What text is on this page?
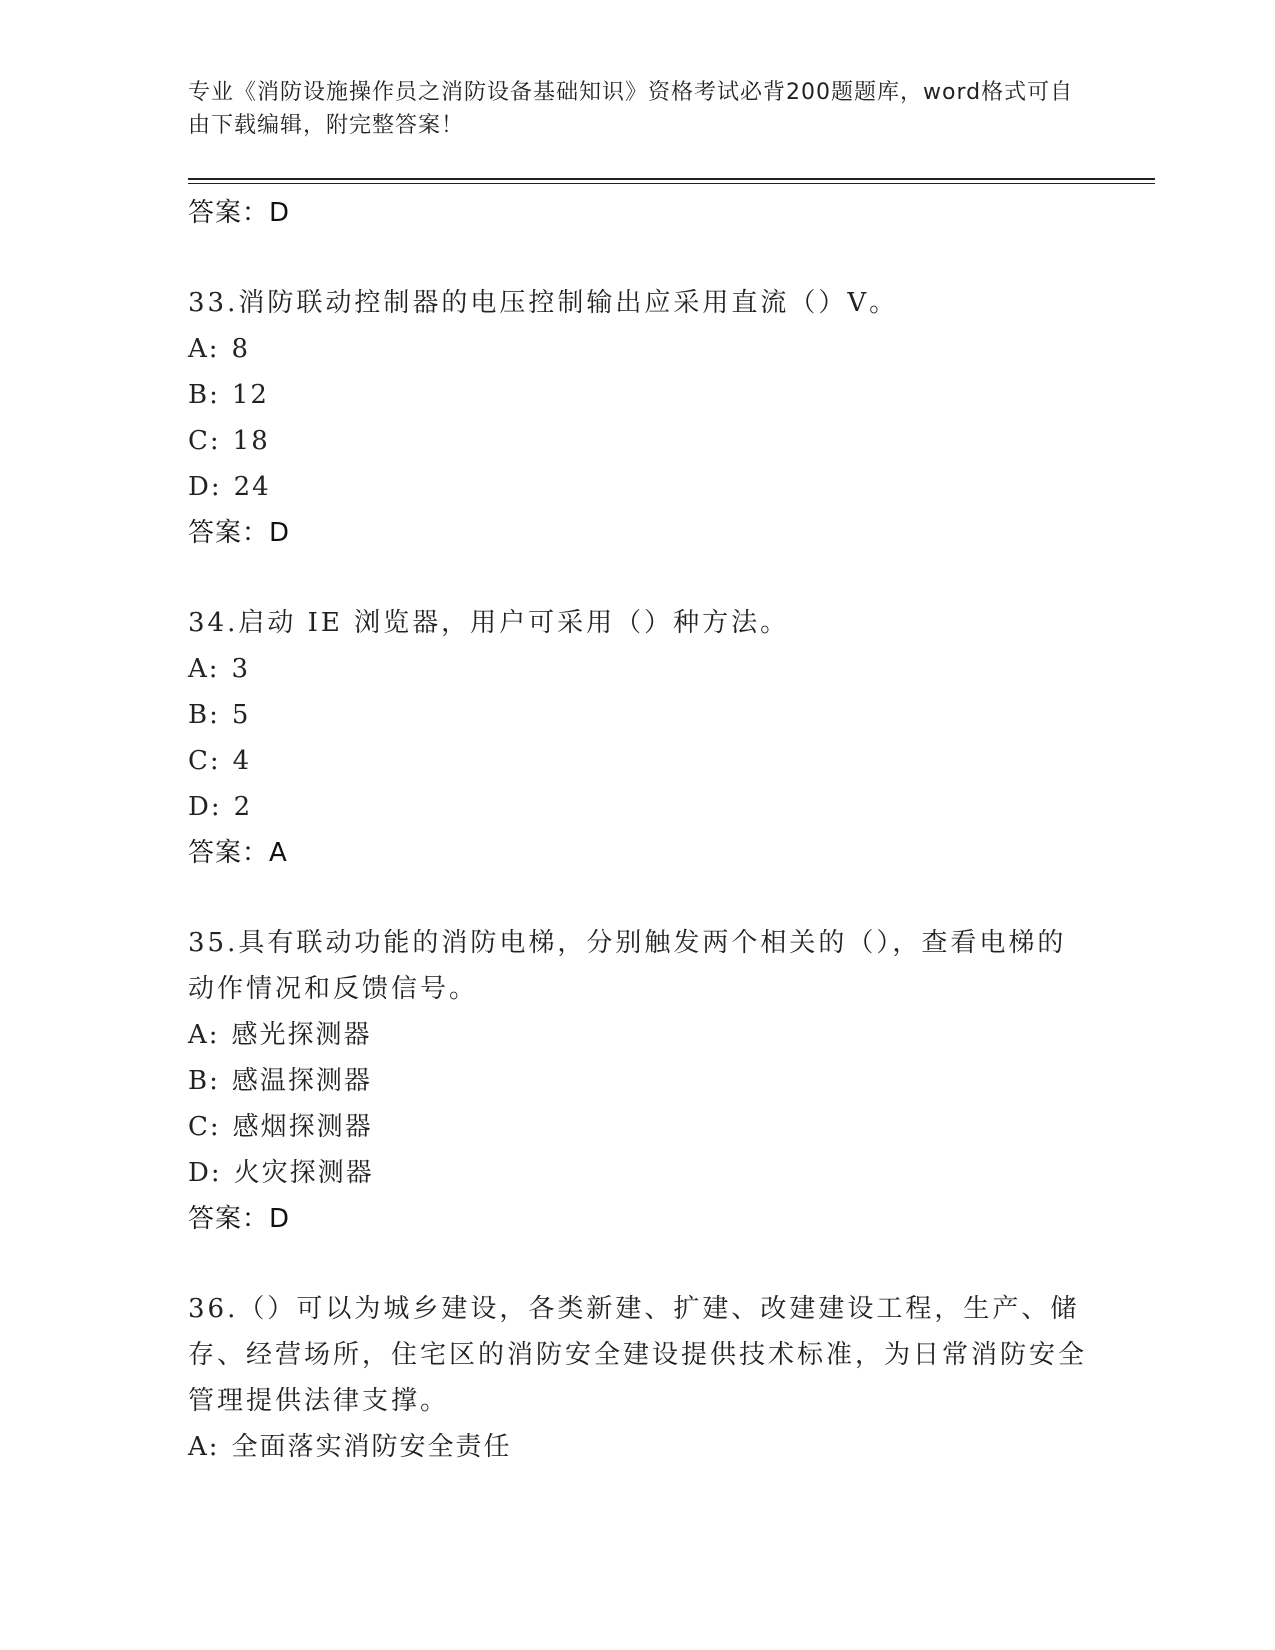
专业《消防设施操作员之消防设备基础知识》资格考试必背200题题库，word格式可自由下载编辑，附完整答案！
答案：D
33.消防联动控制器的电压控制输出应采用直流（）V。
A: 8
B: 12
C: 18
D: 24
答案：D
34.启动 IE 浏览器，用户可采用（）种方法。
A: 3
B: 5
C: 4
D: 2
答案：A
35.具有联动功能的消防电梯，分别触发两个相关的（），查看电梯的动作情况和反馈信号。
A: 感光探测器
B: 感温探测器
C: 感烟探测器
D: 火灾探测器
答案：D
36.（）可以为城乡建设，各类新建、扩建、改建建设工程，生产、储存、经营场所，住宅区的消防安全建设提供技术标准，为日常消防安全管理提供法律支撑。
A: 全面落实消防安全责任
